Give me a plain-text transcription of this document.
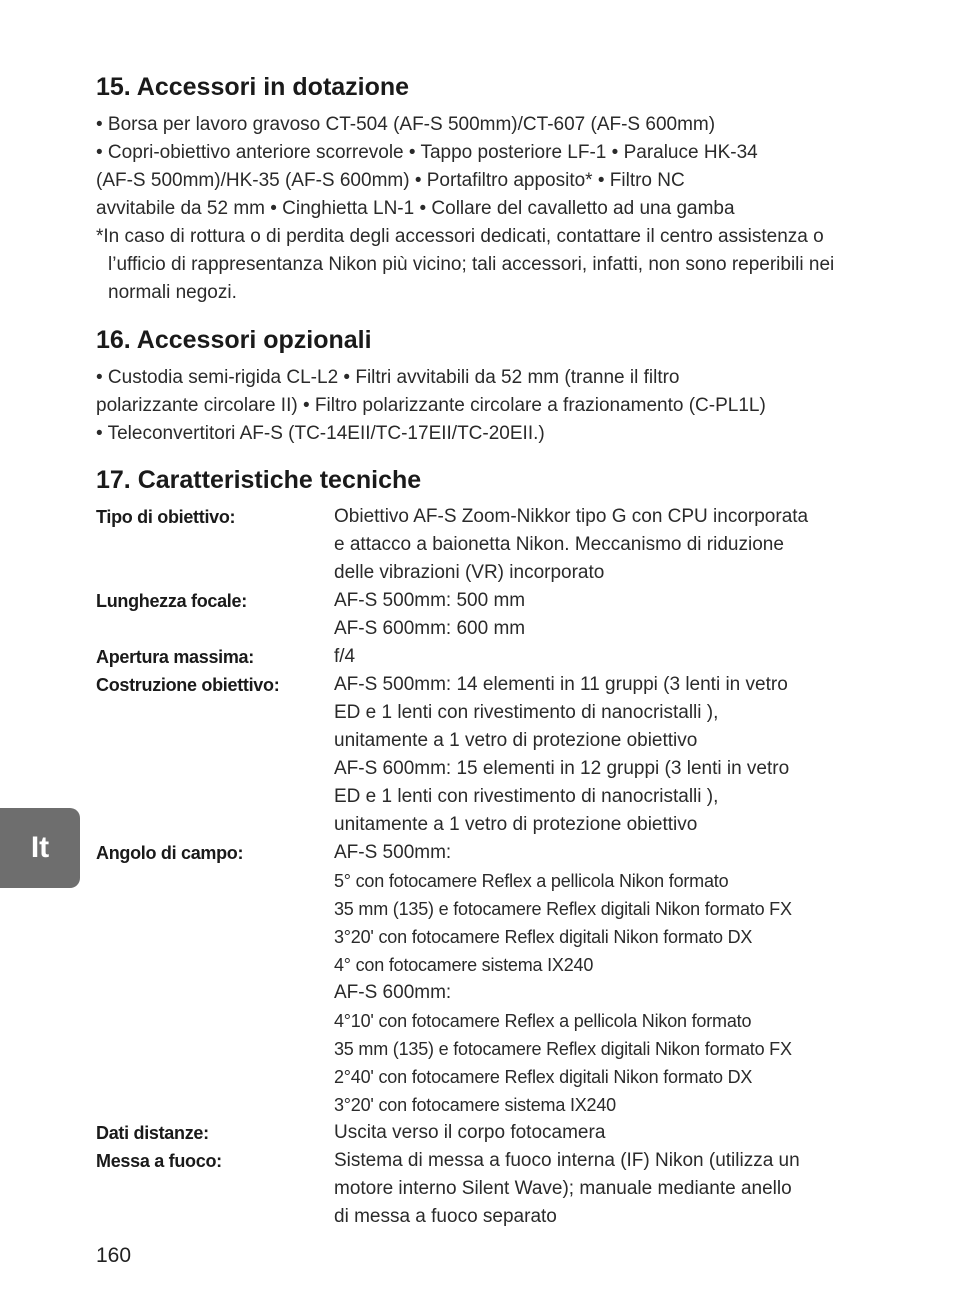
It
15. Accessori in dotazione

• Borsa per lavoro gravoso CT-504 (AF-S 500mm)/CT-607 (AF-S 600mm)

• Copri-obiettivo anteriore scorrevole • Tappo posteriore LF-1 • Paraluce HK-34

(AF-S 500mm)/HK-35 (AF-S 600mm) • Portafiltro apposito* • Filtro NC

avvitabile da 52 mm • Cinghietta LN-1 • Collare del cavalletto ad una gamba

*In caso di rottura o di perdita degli accessori dedicati, contattare il centro assistenza o l’ufficio di rappresentanza Nikon più vicino; tali accessori, infatti, non sono reperibili nei normali negozi.

16. Accessori opzionali

• Custodia semi-rigida CL-L2 • Filtri avvitabili da 52 mm (tranne il filtro

polarizzante circolare II) • Filtro polarizzante circolare a frazionamento (C-PL1L)

• Teleconvertitori AF-S (TC-14EII/TC-17EII/TC-20EII.)

17. Caratteristiche tecniche
Tipo di obiettivo:	Obiettivo AF-S Zoom-Nikkor tipo G con CPU incorporata
e attacco a baionetta Nikon. Meccanismo di riduzione
delle vibrazioni (VR) incorporato
Lunghezza focale:	AF-S 500mm: 500 mm
AF-S 600mm: 600 mm
Apertura massima:	f/4
Costruzione obiettivo:	AF-S 500mm: 14 elementi in 11 gruppi (3 lenti in vetro
ED e 1 lenti con rivestimento di nanocristalli ),
unitamente a 1 vetro di protezione obiettivo
AF-S 600mm: 15 elementi in 12 gruppi (3 lenti in vetro
ED e 1 lenti con rivestimento di nanocristalli ),
unitamente a 1 vetro di protezione obiettivo
Angolo di campo:	AF-S 500mm:
5° con fotocamere Reflex a pellicola Nikon formato
35 mm (135) e fotocamere Reflex digitali Nikon formato FX
3°20' con fotocamere Reflex digitali Nikon formato DX
4° con fotocamere sistema IX240
AF-S 600mm:
4°10' con fotocamere Reflex a pellicola Nikon formato
35 mm (135) e fotocamere Reflex digitali Nikon formato FX
2°40' con fotocamere Reflex digitali Nikon formato DX
3°20' con fotocamere sistema IX240
Dati distanze:	Uscita verso il corpo fotocamera
Messa a fuoco:	Sistema di messa a fuoco interna (IF) Nikon (utilizza un
motore interno Silent Wave); manuale mediante anello
di messa a fuoco separato
160
